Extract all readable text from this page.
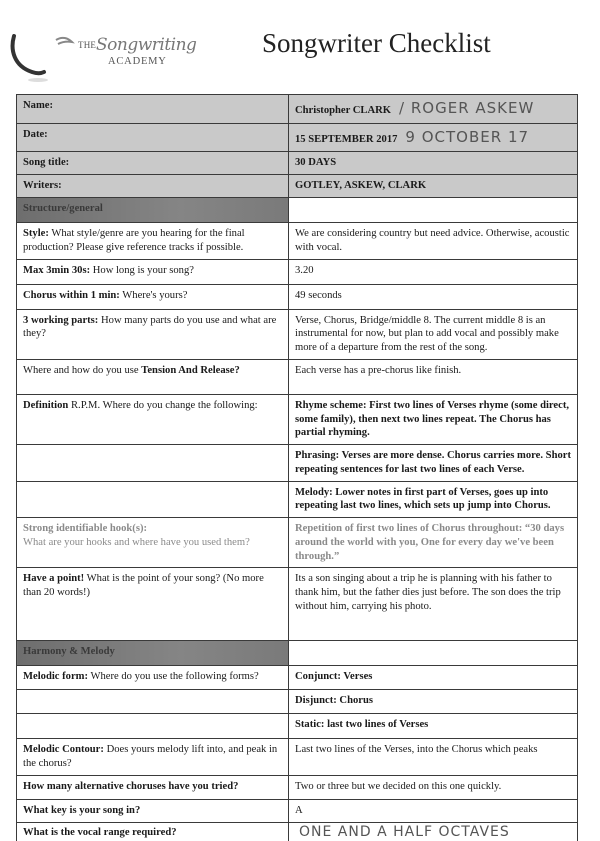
THE Songwriting
ACADEMY
Songwriter Checklist
Name:	Christopher CLARK / ROGER ASKEW
Date:	15 SEPTEMBER 2017 9 OCTOBER 17
Song title:	30 DAYS
Writers:	GOTLEY, ASKEW, CLARK
Structure/general	
Style: What style/genre are you hearing for the final production? Please give reference tracks if possible.	We are considering country but need advice. Otherwise, acoustic with vocal.
Max 3min 30s: How long is your song?	3.20
Chorus within 1 min: Where's yours?	49 seconds
3 working parts: How many parts do you use and what are they?	Verse, Chorus, Bridge/middle 8. The current middle 8 is an instrumental for now, but plan to add vocal and possibly make more of a departure from the rest of the song.
Where and how do you use Tension And Release?	Each verse has a pre-chorus like finish.
Definition R.P.M. Where do you change the following:	Rhyme scheme: First two lines of Verses rhyme (some direct, some family), then next two lines repeat. The Chorus has partial rhyming.
	Phrasing: Verses are more dense. Chorus carries more. Short repeating sentences for last two lines of each Verse.
	Melody: Lower notes in first part of Verses, goes up into repeating last two lines, which sets up jump into Chorus.
Strong identifiable hook(s):
What are your hooks and where have you used them?	Repetition of first two lines of Chorus throughout: “30 days around the world with you, One for every day we've been through.”
Have a point! What is the point of your song? (No more than 20 words!)	Its a son singing about a trip he is planning with his father to thank him, but the father dies just before. The son does the trip without him, carrying his photo.
Harmony & Melody	
Melodic form: Where do you use the following forms?	Conjunct: Verses
	Disjunct: Chorus
	Static: last two lines of Verses
Melodic Contour: Does yours melody lift into, and peak in the chorus?	Last two lines of the Verses, into the Chorus which peaks
How many alternative choruses have you tried?	Two or three but we decided on this one quickly.
What key is your song in?	A
What is the vocal range required?	ONE AND A HALF OCTAVES
